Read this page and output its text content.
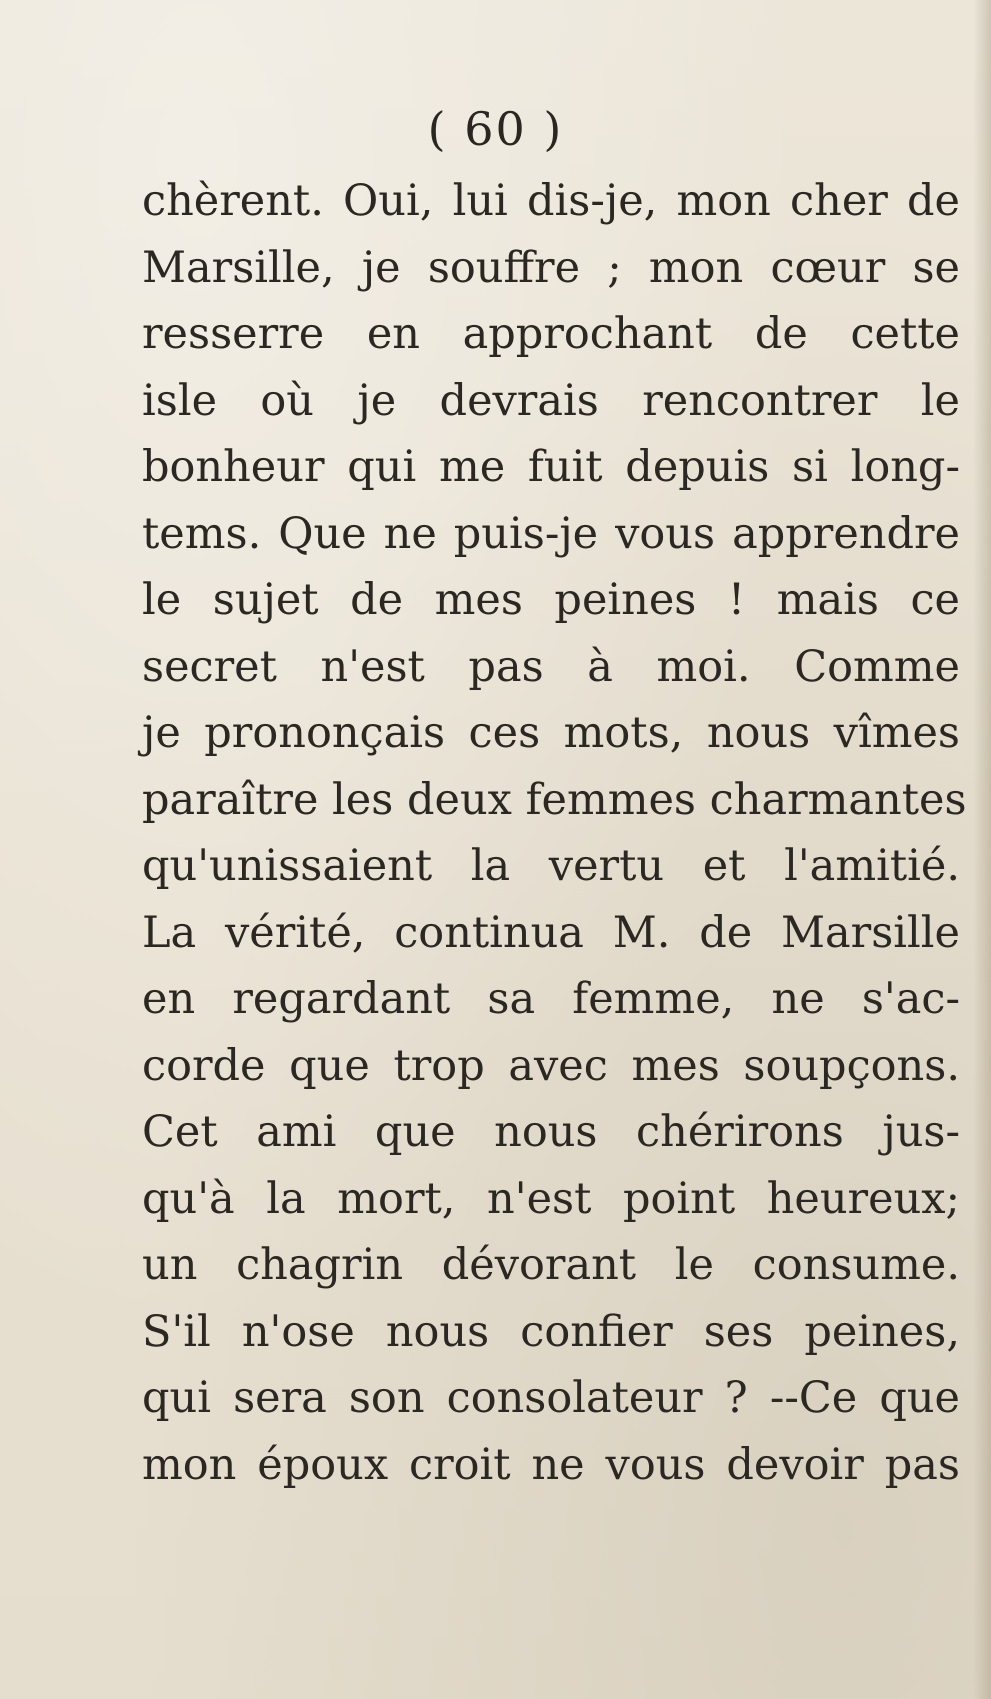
( 60 )
chèrent. Oui, lui dis-je, mon cher de
Marsille, je souffre ; mon cœur se
resserre en approchant de cette
isle où je devrais rencontrer le
bonheur qui me fuit depuis si long-
tems. Que ne puis-je vous apprendre
le sujet de mes peines ! mais ce
secret n'est pas à moi. Comme
je prononçais ces mots, nous vîmes
paraître les deux femmes charmantes
qu'unissaient la vertu et l'amitié.
La vérité, continua M. de Marsille
en regardant sa femme, ne s'ac-
corde que trop avec mes soupçons.
Cet ami que nous chérirons jus-
qu'à la mort, n'est point heureux;
un chagrin dévorant le consume.
S'il n'ose nous confier ses peines,
qui sera son consolateur ? --Ce que
mon époux croit ne vous devoir pas
